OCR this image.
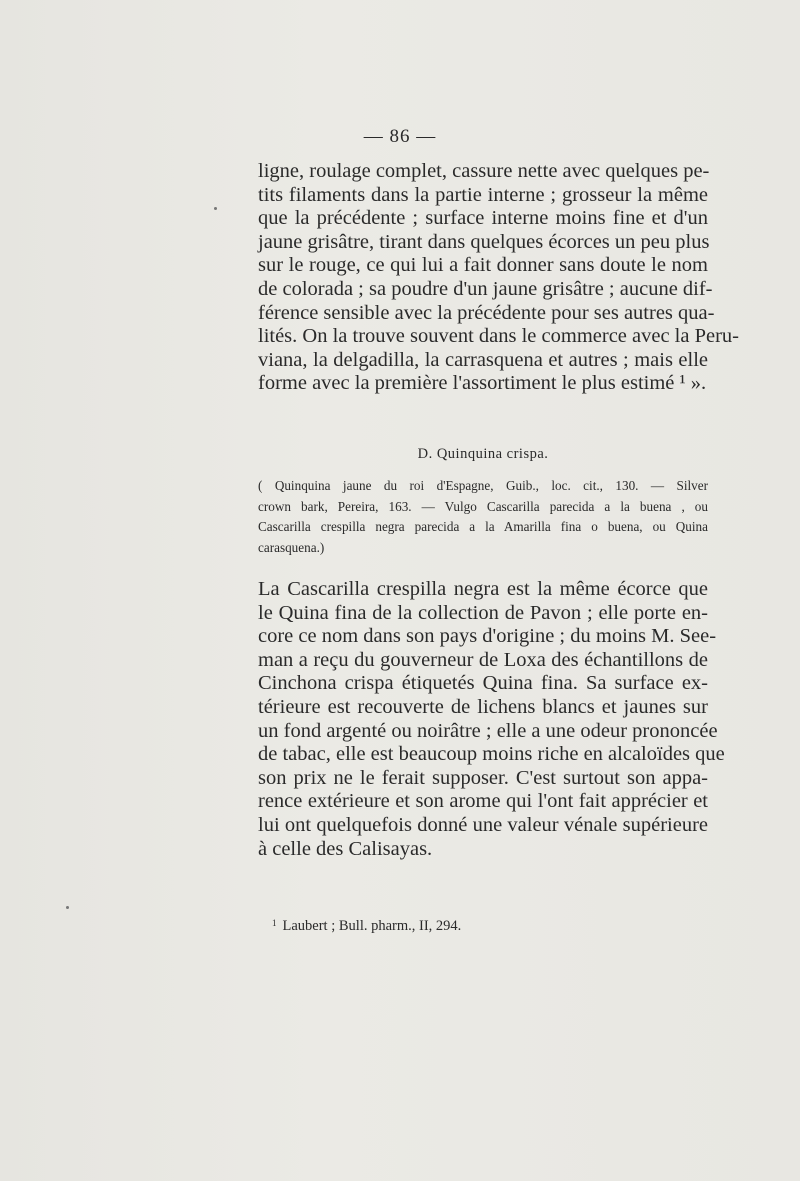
— 86 —
ligne, roulage complet, cassure nette avec quelques pe-
tits filaments dans la partie interne ; grosseur la même
que la précédente ; surface interne moins fine et d'un
jaune grisâtre, tirant dans quelques écorces un peu plus
sur le rouge, ce qui lui a fait donner sans doute le nom
de colorada ; sa poudre d'un jaune grisâtre ; aucune dif-
férence sensible avec la précédente pour ses autres qua-
lités. On la trouve souvent dans le commerce avec la Peru-
viana, la delgadilla, la carrasquena et autres ; mais elle
forme avec la première l'assortiment le plus estimé ¹ ».
D. Quinquina crispa.
( Quinquina jaune du roi d'Espagne, Guib., loc. cit., 130. — Silver
crown bark, Pereira, 163. — Vulgo Cascarilla parecida a la buena , ou
Cascarilla crespilla negra parecida a la Amarilla fina o buena, ou Quina
carasquena.)
La Cascarilla crespilla negra est la même écorce que
le Quina fina de la collection de Pavon ; elle porte en-
core ce nom dans son pays d'origine ; du moins M. See-
man a reçu du gouverneur de Loxa des échantillons de
Cinchona crispa étiquetés Quina fina. Sa surface ex-
térieure est recouverte de lichens blancs et jaunes sur
un fond argenté ou noirâtre ; elle a une odeur prononcée
de tabac, elle est beaucoup moins riche en alcaloïdes que
son prix ne le ferait supposer. C'est surtout son appa-
rence extérieure et son arome qui l'ont fait apprécier et
lui ont quelquefois donné une valeur vénale supérieure
à celle des Calisayas.
$^1$ Laubert ; Bull. pharm., II, 294.
